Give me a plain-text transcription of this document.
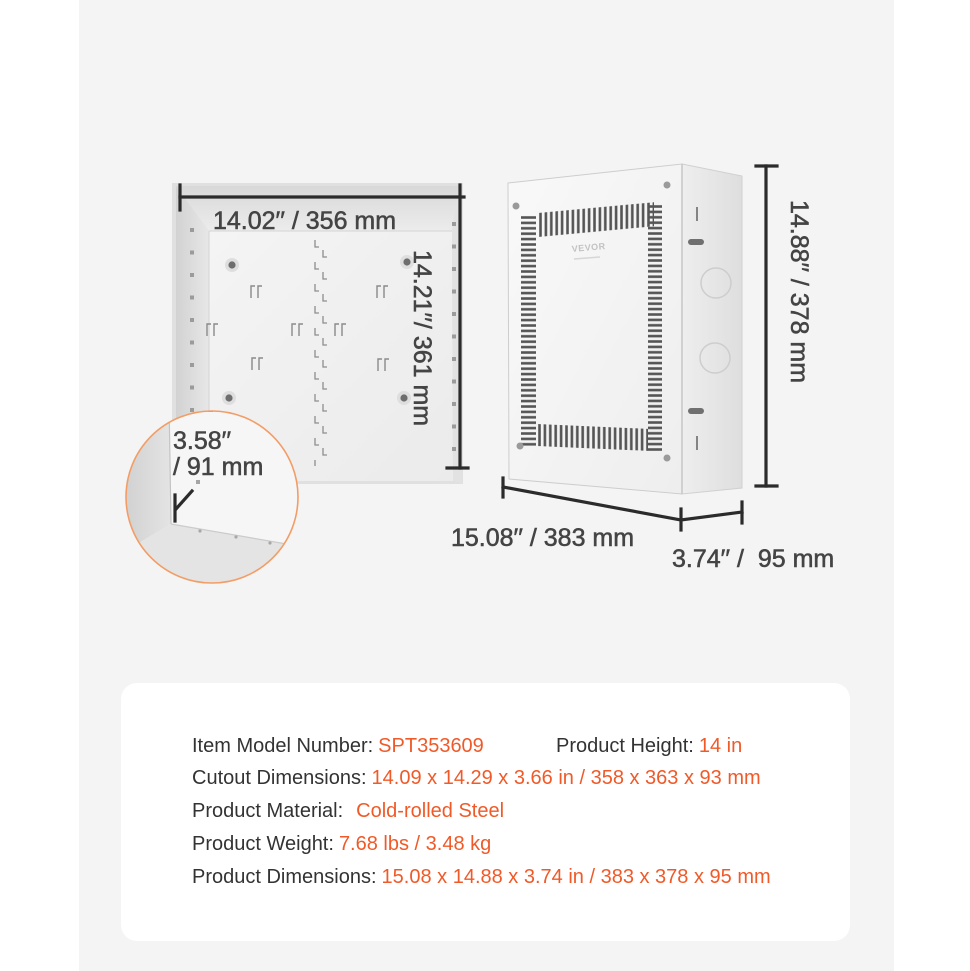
VEVOR
3.58′′
/ 91 mm
14.02′′ / 356 mm
14.21′′/ 361 mm	14.88′′ / 378 mm
15.08′′ / 383 mm
3.74′′ /  95 mm
Item Model Number: SPT353609	Product Height: 14 in
Cutout Dimensions: 14.09 x 14.29 x 3.66 in / 358 x 363 x 93 mm
Product Material: Cold-rolled Steel
Product Weight: 7.68 lbs / 3.48 kg
Product Dimensions: 15.08 x 14.88 x 3.74 in / 383 x 378 x 95 mm
